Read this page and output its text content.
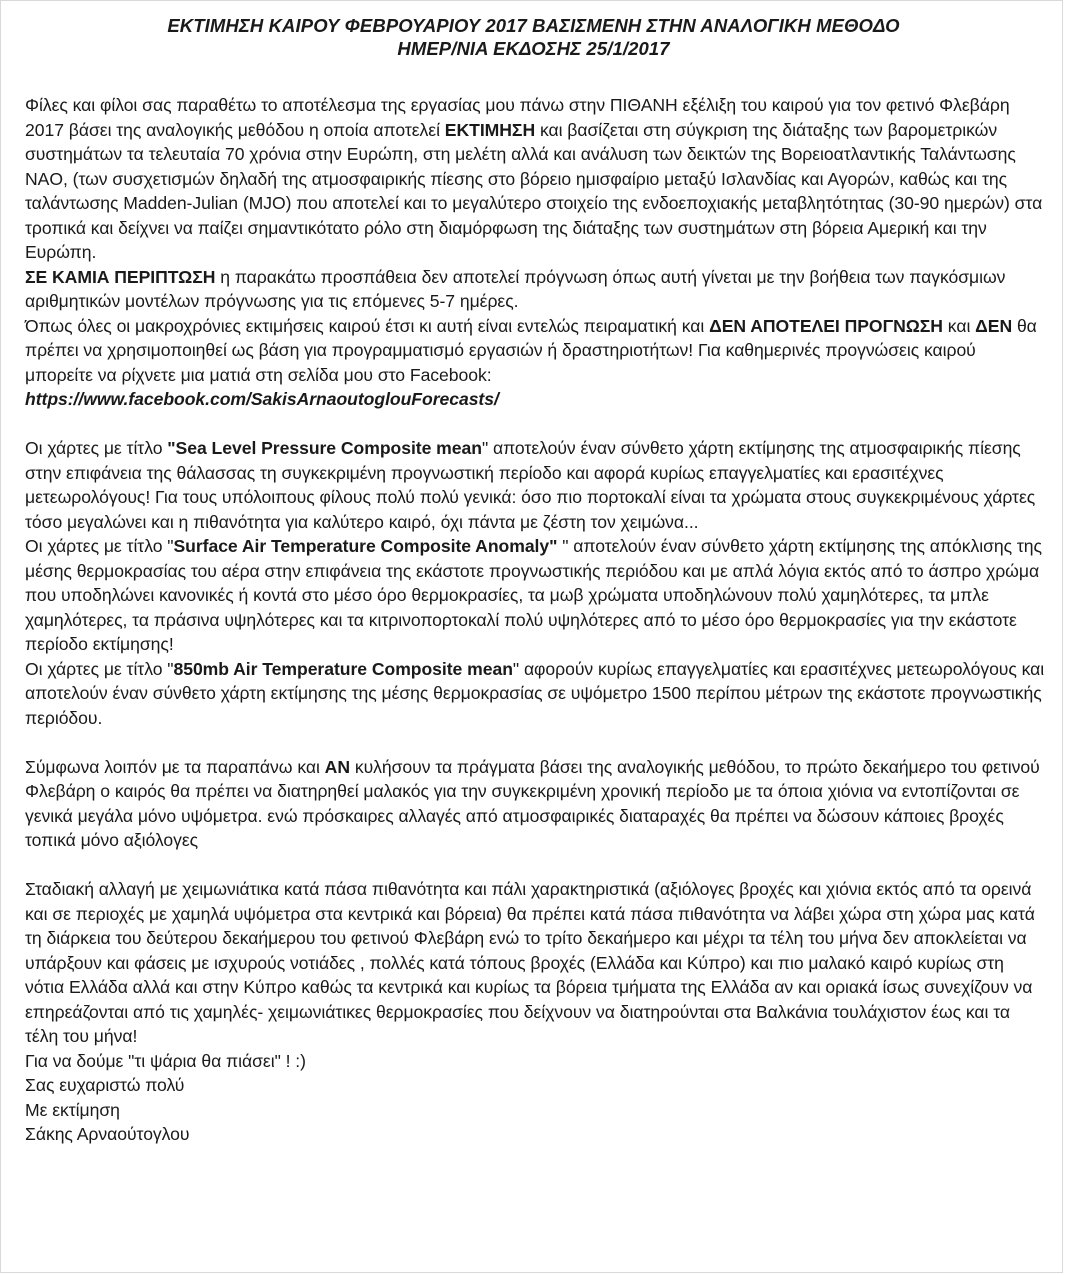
ΕΚΤΙΜΗΣΗ ΚΑΙΡΟΥ ΦΕΒΡΟΥΑΡΙΟΥ 2017 ΒΑΣΙΣΜΕΝΗ ΣΤΗΝ ΑΝΑΛΟΓΙΚΗ ΜΕΘΟΔΟ
ΗΜΕΡ/ΝΙΑ ΕΚΔΟΣΗΣ 25/1/2017

Φίλες και φίλοι σας παραθέτω το αποτέλεσμα της εργασίας μου πάνω στην ΠΙΘΑΝΗ εξέλιξη του καιρού για τον φετινό Φλεβάρη 2017 βάσει της αναλογικής μεθόδου η οποία αποτελεί ΕΚΤΙΜΗΣΗ και βασίζεται στη σύγκριση της διάταξης των βαρομετρικών συστημάτων τα τελευταία 70 χρόνια στην Ευρώπη, στη μελέτη αλλά και ανάλυση των δεικτών της Βορειοατλαντικής Ταλάντωσης NAO, (των συσχετισμών δηλαδή της ατμοσφαιρικής πίεσης στο βόρειο ημισφαίριο μεταξύ Ισλανδίας και Αγορών, καθώς και της ταλάντωσης Madden-Julian (MJO) που αποτελεί και το μεγαλύτερο στοιχείο της ενδοεποχιακής μεταβλητότητας (30-90 ημερών) στα τροπικά και δείχνει να παίζει σημαντικότατο ρόλο στη διαμόρφωση της διάταξης των συστημάτων στη βόρεια Αμερική και την Ευρώπη.

ΣΕ ΚΑΜΙΑ ΠΕΡΙΠΤΩΣΗ η παρακάτω προσπάθεια δεν αποτελεί πρόγνωση όπως αυτή γίνεται με την βοήθεια των παγκόσμιων αριθμητικών μοντέλων πρόγνωσης για τις επόμενες 5-7 ημέρες.

Όπως όλες οι μακροχρόνιες εκτιμήσεις καιρού έτσι κι αυτή είναι εντελώς πειραματική και ΔΕΝ ΑΠΟΤΕΛΕΙ ΠΡΟΓΝΩΣΗ και ΔΕΝ θα πρέπει να χρησιμοποιηθεί ως βάση για προγραμματισμό εργασιών ή δραστηριοτήτων! Για καθημερινές προγνώσεις καιρού μπορείτε να ρίχνετε μια ματιά στη σελίδα μου στο Facebook:

https://www.facebook.com/SakisArnaoutoglouForecasts/

Οι χάρτες με τίτλο "Sea Level Pressure Composite mean" αποτελούν έναν σύνθετο χάρτη εκτίμησης της ατμοσφαιρικής πίεσης στην επιφάνεια της θάλασσας τη συγκεκριμένη προγνωστική περίοδο και αφορά κυρίως επαγγελματίες και ερασιτέχνες μετεωρολόγους! Για τους υπόλοιπους φίλους πολύ πολύ γενικά: όσο πιο πορτοκαλί είναι τα χρώματα στους συγκεκριμένους χάρτες τόσο μεγαλώνει και η πιθανότητα για καλύτερο καιρό, όχι πάντα με ζέστη τον χειμώνα...

Οι χάρτες με τίτλο "Surface Air Temperature Composite Anomaly" " αποτελούν έναν σύνθετο χάρτη εκτίμησης της απόκλισης της μέσης θερμοκρασίας του αέρα στην επιφάνεια της εκάστοτε προγνωστικής περιόδου και με απλά λόγια εκτός από το άσπρο χρώμα που υποδηλώνει κανονικές ή κοντά στο μέσο όρο θερμοκρασίες, τα μωβ χρώματα υποδηλώνουν πολύ χαμηλότερες, τα μπλε χαμηλότερες, τα πράσινα υψηλότερες και τα κιτρινοπορτοκαλί πολύ υψηλότερες από το μέσο όρο θερμοκρασίες για την εκάστοτε περίοδο εκτίμησης!

Οι χάρτες με τίτλο "850mb Air Temperature Composite mean" αφορούν κυρίως επαγγελματίες και ερασιτέχνες μετεωρολόγους και αποτελούν έναν σύνθετο χάρτη εκτίμησης της μέσης θερμοκρασίας σε υψόμετρο 1500 περίπου μέτρων της εκάστοτε προγνωστικής περιόδου.

Σύμφωνα λοιπόν με τα παραπάνω και ΑΝ κυλήσουν τα πράγματα βάσει της αναλογικής μεθόδου, το πρώτο δεκαήμερο του φετινού Φλεβάρη ο καιρός θα πρέπει να διατηρηθεί μαλακός για την συγκεκριμένη χρονική περίοδο με τα όποια χιόνια να εντοπίζονται σε γενικά μεγάλα μόνο υψόμετρα. ενώ πρόσκαιρες αλλαγές από ατμοσφαιρικές διαταραχές θα πρέπει να δώσουν κάποιες βροχές τοπικά μόνο αξιόλογες

Σταδιακή αλλαγή με χειμωνιάτικα κατά πάσα πιθανότητα και πάλι χαρακτηριστικά (αξιόλογες βροχές και χιόνια εκτός από τα ορεινά και σε περιοχές με χαμηλά υψόμετρα στα κεντρικά και βόρεια) θα πρέπει κατά πάσα πιθανότητα να λάβει χώρα στη χώρα μας κατά τη διάρκεια του δεύτερου δεκαήμερου του φετινού Φλεβάρη ενώ το τρίτο δεκαήμερο και μέχρι τα τέλη του μήνα δεν αποκλείεται να υπάρξουν και φάσεις με ισχυρούς νοτιάδες , πολλές κατά τόπους βροχές (Ελλάδα και Κύπρο) και πιο μαλακό καιρό κυρίως στη νότια Ελλάδα αλλά και στην Κύπρο καθώς τα κεντρικά και κυρίως τα βόρεια τμήματα της Ελλάδα αν και οριακά ίσως συνεχίζουν να επηρεάζονται από τις χαμηλές- χειμωνιάτικες θερμοκρασίες που δείχνουν να διατηρούνται στα Βαλκάνια τουλάχιστον έως και τα τέλη του μήνα!

Για να δούμε "τι ψάρια θα πιάσει" ! :)

Σας ευχαριστώ πολύ

Με εκτίμηση

Σάκης Αρναούτογλου
